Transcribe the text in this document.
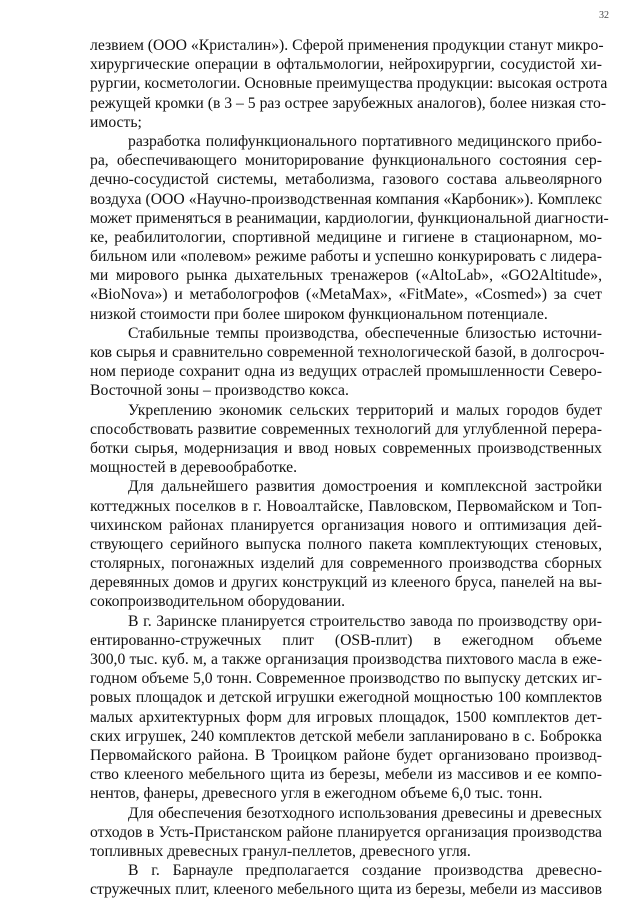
32
лезвием (ООО «Кристалин»). Сферой применения продукции станут микро-
хирургические операции в офтальмологии, нейрохирургии, сосудистой хи-
рургии, косметологии. Основные преимущества продукции: высокая острота
режущей кромки (в 3 – 5 раз острее зарубежных аналогов), более низкая сто-
имость;
разработка полифункционального портативного медицинского прибо-
ра, обеспечивающего мониторирование функционального состояния сер-
дечно-сосудистой системы, метаболизма, газового состава альвеолярного
воздуха (ООО «Научно-производственная компания «Карбоник»). Комплекс
может применяться в реанимации, кардиологии, функциональной диагности-
ке, реабилитологии, спортивной медицине и гигиене в стационарном, мо-
бильном или «полевом» режиме работы и успешно конкурировать с лидера-
ми мирового рынка дыхательных тренажеров («AltoLab», «GO2Altitude»,
«BioNova») и метабологрофов («MetaMax», «FitMate», «Cosmed») за счет
низкой стоимости при более широком функциональном потенциале.
Стабильные темпы производства, обеспеченные близостью источни-
ков сырья и сравнительно современной технологической базой, в долгосроч-
ном периоде сохранит одна из ведущих отраслей промышленности Северо-
Восточной зоны – производство кокса.
Укреплению экономик сельских территорий и малых городов будет
способствовать развитие современных технологий для углубленной перера-
ботки сырья, модернизация и ввод новых современных производственных
мощностей в деревообработке.
Для дальнейшего развития домостроения и комплексной застройки
коттеджных поселков в г. Новоалтайске, Павловском, Первомайском и Топ-
чихинском районах планируется организация нового и оптимизация дей-
ствующего серийного выпуска полного пакета комплектующих стеновых,
столярных, погонажных изделий для современного производства сборных
деревянных домов и других конструкций из клееного бруса, панелей на вы-
сокопроизводительном оборудовании.
В г. Заринске планируется строительство завода по производству ори-
ентированно-стружечных плит (OSB-плит) в ежегодном объеме
300,0 тыс. куб. м, а также организация производства пихтового масла в еже-
годном объеме 5,0 тонн. Современное производство по выпуску детских иг-
ровых площадок и детской игрушки ежегодной мощностью 100 комплектов
малых архитектурных форм для игровых площадок, 1500 комплектов дет-
ских игрушек, 240 комплектов детской мебели запланировано в с. Боброкка
Первомайского района. В Троицком районе будет организовано производ-
ство клееного мебельного щита из березы, мебели из массивов и ее компо-
нентов, фанеры, древесного угля в ежегодном объеме 6,0 тыс. тонн.
Для обеспечения безотходного использования древесины и древесных
отходов в Усть-Пристанском районе планируется организация производства
топливных древесных гранул-пеллетов, древесного угля.
В г. Барнауле предполагается создание производства древесно-
стружечных плит, клееного мебельного щита из березы, мебели из массивов
